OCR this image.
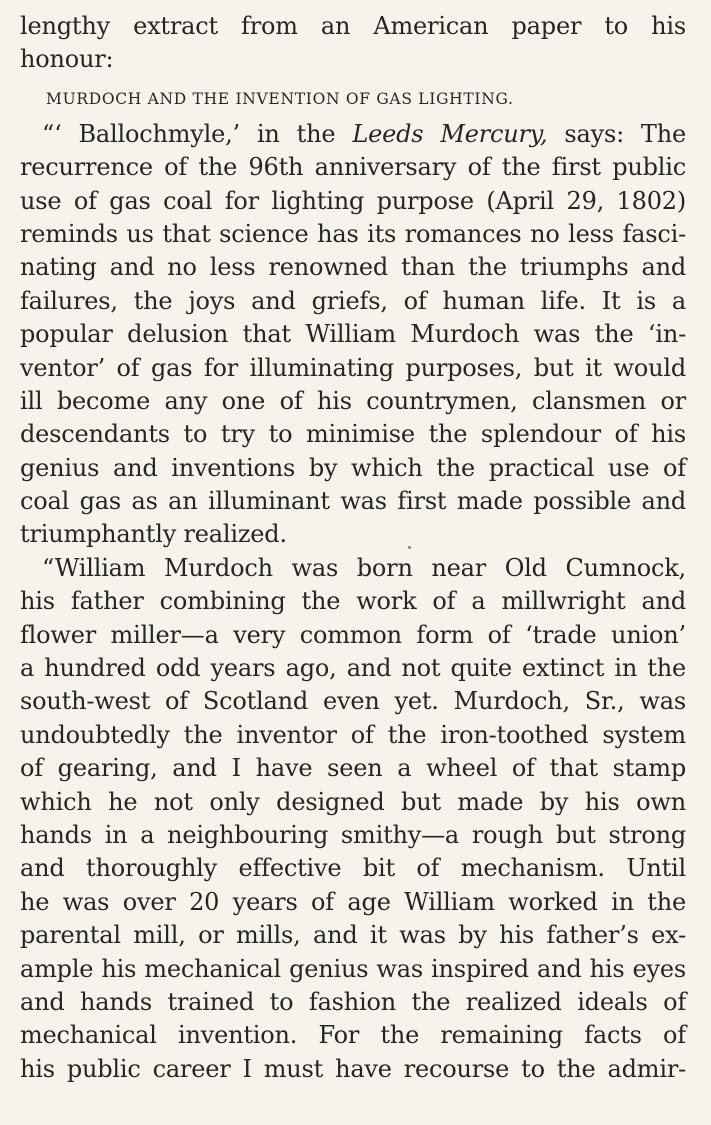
lengthy extract from an American paper to his
honour:
MURDOCH AND THE INVENTION OF GAS LIGHTING.
“‘ Ballochmyle,’ in the Leeds Mercury, says: The
recurrence of the 96th anniversary of the first public
use of gas coal for lighting purpose (April 29, 1802)
reminds us that science has its romances no less fasci-
nating and no less renowned than the triumphs and
failures, the joys and griefs, of human life. It is a
popular delusion that William Murdoch was the ‘in-
ventor’ of gas for illuminating purposes, but it would
ill become any one of his countrymen, clansmen or
descendants to try to minimise the splendour of his
genius and inventions by which the practical use of
coal gas as an illuminant was first made possible and
triumphantly realized.
“William Murdoch was born near Old Cumnock,
his father combining the work of a millwright and
flower miller—a very common form of ‘trade union’
a hundred odd years ago, and not quite extinct in the
south-west of Scotland even yet. Murdoch, Sr., was
undoubtedly the inventor of the iron-toothed system
of gearing, and I have seen a wheel of that stamp
which he not only designed but made by his own
hands in a neighbouring smithy—a rough but strong
and thoroughly effective bit of mechanism. Until
he was over 20 years of age William worked in the
parental mill, or mills, and it was by his father’s ex-
ample his mechanical genius was inspired and his eyes
and hands trained to fashion the realized ideals of
mechanical invention. For the remaining facts of
his public career I must have recourse to the admir-
